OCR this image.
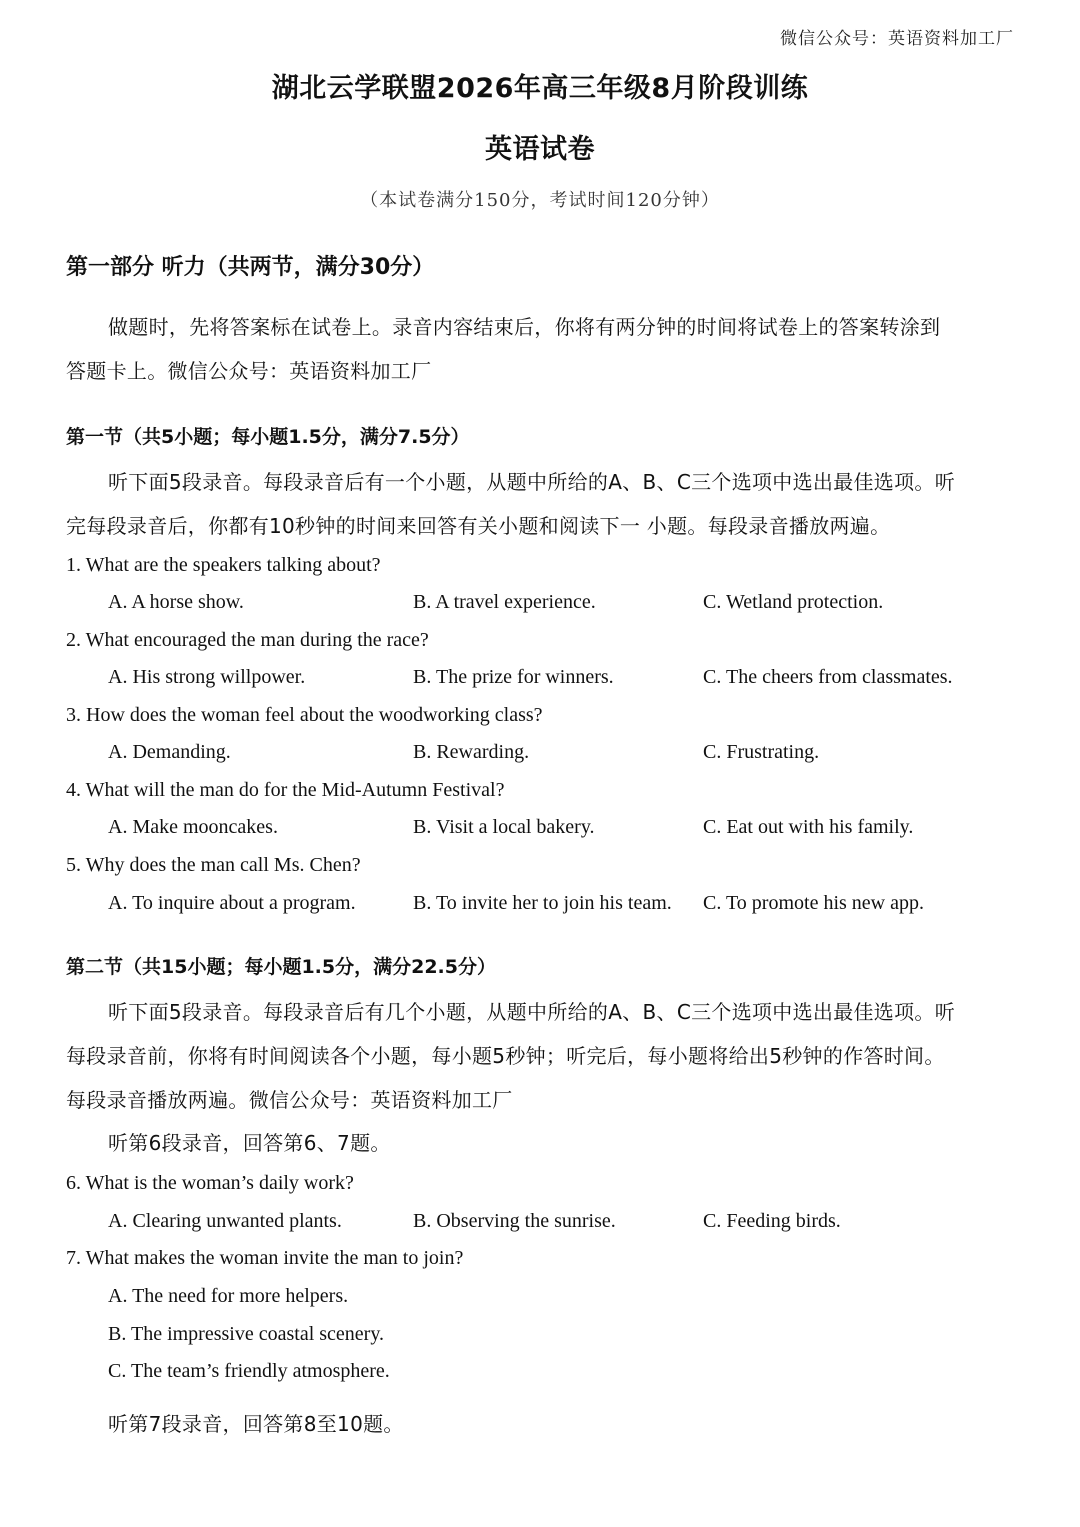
微信公众号：英语资料加工厂
湖北云学联盟2026年高三年级8月阶段训练
英语试卷
（本试卷满分150分，考试时间120分钟）
第一部分 听力（共两节，满分30分）
做题时，先将答案标在试卷上。录音内容结束后，你将有两分钟的时间将试卷上的答案转涂到
答题卡上。微信公众号：英语资料加工厂
第一节（共5小题；每小题1.5分，满分7.5分）
听下面5段录音。每段录音后有一个小题，从题中所给的A、B、C三个选项中选出最佳选项。听
完每段录音后，你都有10秒钟的时间来回答有关小题和阅读下一 小题。每段录音播放两遍。
1. What are the speakers talking about?
A. A horse show.	B. A travel experience.	C. Wetland protection.
2. What encouraged the man during the race?
A. His strong willpower.	B. The prize for winners.	C. The cheers from classmates.
3. How does the woman feel about the woodworking class?
A. Demanding.	B. Rewarding.	C. Frustrating.
4. What will the man do for the Mid-Autumn Festival?
A. Make mooncakes.	B. Visit a local bakery.	C. Eat out with his family.
5. Why does the man call Ms. Chen?
A. To inquire about a program.	B. To invite her to join his team. C. To promote his new app.
第二节（共15小题；每小题1.5分，满分22.5分）
听下面5段录音。每段录音后有几个小题，从题中所给的A、B、C三个选项中选出最佳选项。听
每段录音前，你将有时间阅读各个小题，每小题5秒钟；听完后，每小题将给出5秒钟的作答时间。
每段录音播放两遍。微信公众号：英语资料加工厂
听第6段录音，回答第6、7题。
6. What is the woman’s daily work?
A. Clearing unwanted plants.	B. Observing the sunrise.	C. Feeding birds.
7. What makes the woman invite the man to join?
A. The need for more helpers.
B. The impressive coastal scenery.
C. The team’s friendly atmosphere.
听第7段录音，回答第8至10题。
